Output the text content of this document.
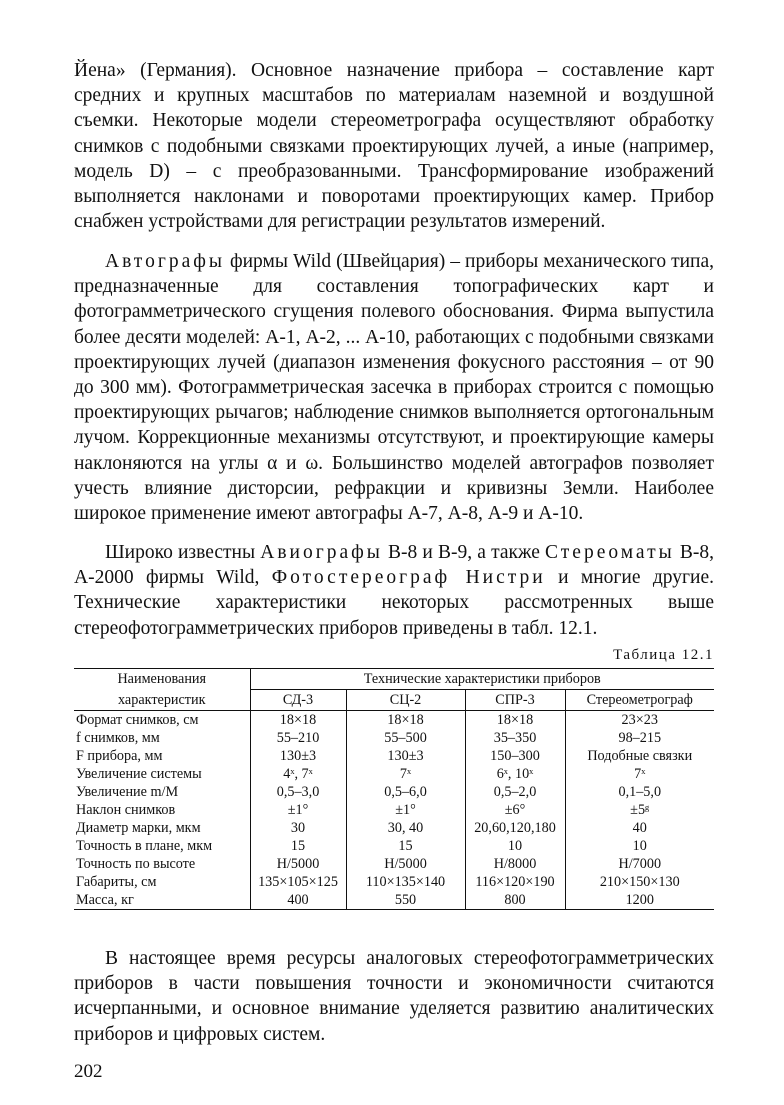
Йена» (Германия). Основное назначение прибора – составление карт средних и крупных масштабов по материалам наземной и воздушной съемки. Некоторые модели стереометрографа осуществляют обработку снимков с подобными связками проектирующих лучей, а иные (например, модель D) – с преобразованными. Трансформирование изображений выполняется наклонами и поворотами проектирующих камер. Прибор снабжен устройствами для регистрации результатов измерений.

Автографы фирмы Wild (Швейцария) – приборы механического типа, предназначенные для составления топографических карт и фотограмметрического сгущения полевого обоснования. Фирма выпустила более десяти моделей: А-1, А-2, ... А-10, работающих с подобными связками проектирующих лучей (диапазон изменения фокусного расстояния – от 90 до 300 мм). Фотограмметрическая засечка в приборах строится с помощью проектирующих рычагов; наблюдение снимков выполняется ортогональным лучом. Коррекционные механизмы отсутствуют, и проектирующие камеры наклоняются на углы α и ω. Большинство моделей автографов позволяет учесть влияние дисторсии, рефракции и кривизны Земли. Наиболее широкое применение имеют автографы А-7, А-8, А-9 и А-10.

Широко известны Авиографы В-8 и В-9, а также Стереоматы В-8, А-2000 фирмы Wild, Фотостереограф Нистри и многие другие. Технические характеристики некоторых рассмотренных выше стереофотограмметрических приборов приведены в табл. 12.1.

Таблица 12.1
Наименования	Технические характеристики приборов			
характеристик	СД-3	СЦ-2	СПР-3	Стереометрограф
Формат снимков, см	18×18	18×18	18×18	23×23
f снимков, мм	55–210	55–500	35–350	98–215
F прибора, мм	130±3	130±3	150–300	Подобные связки
Увеличение системы	4ˣ, 7ˣ	7ˣ	6ˣ, 10ˣ	7ˣ
Увеличение m/M	0,5–3,0	0,5–6,0	0,5–2,0	0,1–5,0
Наклон снимков	±1°	±1°	±6°	±5ᵍ
Диаметр марки, мкм	30	30, 40	20,60,120,180	40
Точность в плане, мкм	15	15	10	10
Точность по высоте	H/5000	H/5000	H/8000	H/7000
Габариты, см	135×105×125	110×135×140	116×120×190	210×150×130
Масса, кг	400	550	800	1200

В настоящее время ресурсы аналоговых стереофотограмметрических приборов в части повышения точности и экономичности считаются исчерпанными, и основное внимание уделяется развитию аналитических приборов и цифровых систем.

202
